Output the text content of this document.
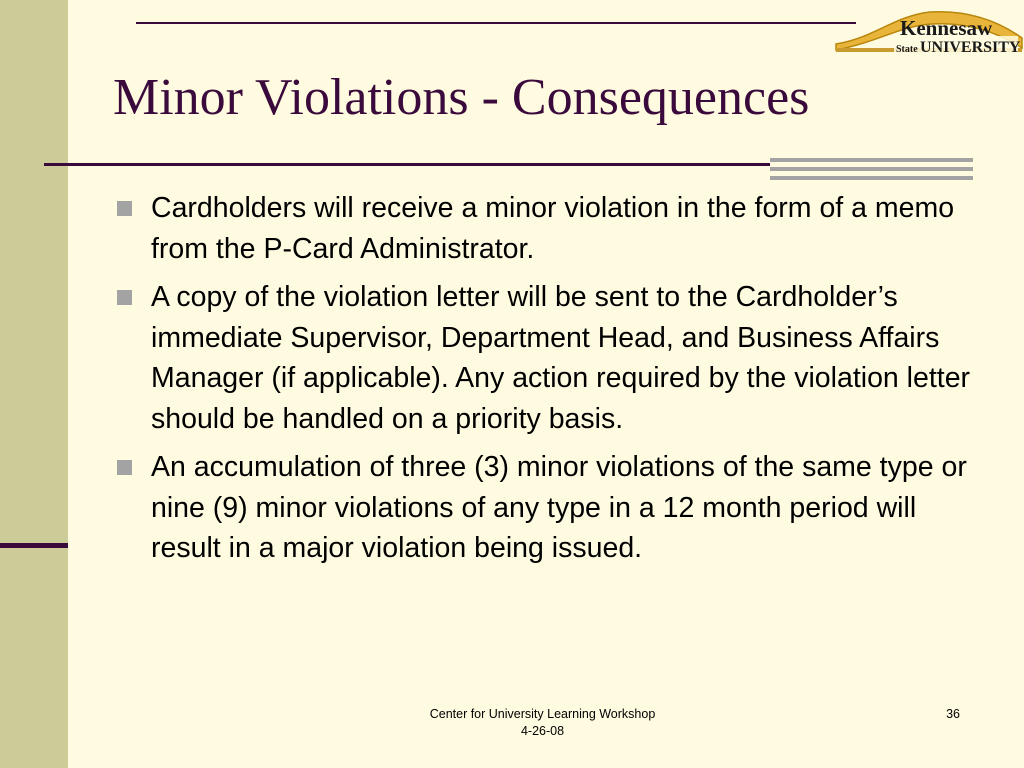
Kennesaw
State UNIVERSITY
Minor Violations - Consequences
Cardholders will receive a minor violation in the form of a memo from the P-Card Administrator.
A copy of the violation letter will be sent to the Cardholder’s immediate Supervisor, Department Head, and Business Affairs Manager (if applicable). Any action required by the violation letter should be handled on a priority basis.
An accumulation of three (3) minor violations of the same type or nine (9) minor violations of any type in a 12 month period will result in a major violation being issued.
Center for University Learning Workshop
4-26-08
36
